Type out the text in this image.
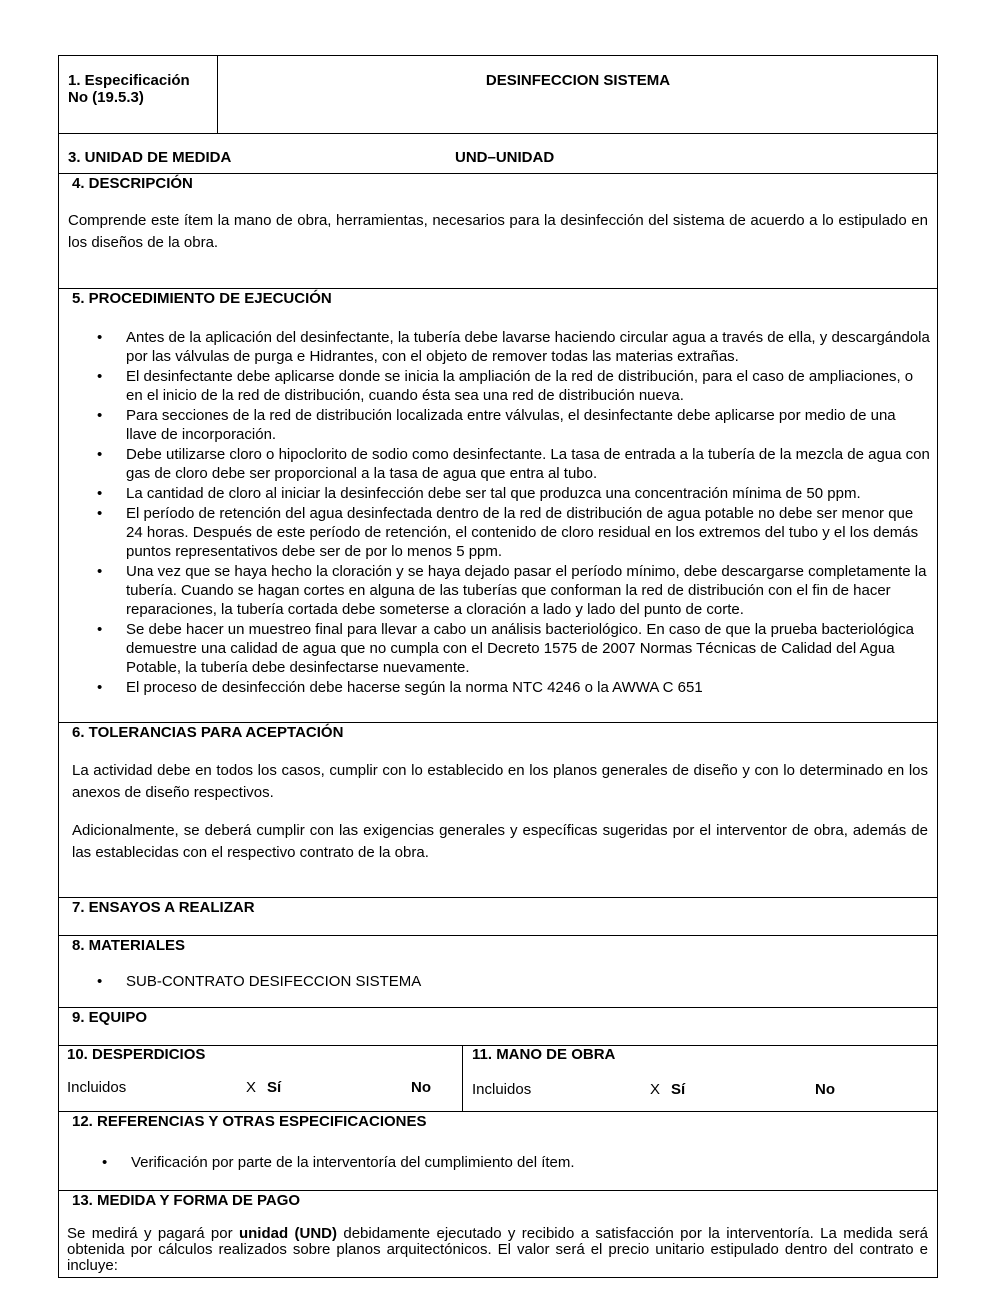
1. Especificación
No (19.5.3)
DESINFECCION SISTEMA
3. UNIDAD DE MEDIDA	UND–UNIDAD
4. DESCRIPCIÓN
Comprende este ítem la mano de obra, herramientas, necesarios para la desinfección del sistema de acuerdo a lo estipulado en los diseños de la obra.
5. PROCEDIMIENTO DE EJECUCIÓN
• Antes de la aplicación del desinfectante, la tubería debe lavarse haciendo circular agua a través de ella, y descargándola por las válvulas de purga e Hidrantes, con el objeto de remover todas las materias extrañas.
• El desinfectante debe aplicarse donde se inicia la ampliación de la red de distribución, para el caso de ampliaciones, o en el inicio de la red de distribución, cuando ésta sea una red de distribución nueva.
• Para secciones de la red de distribución localizada entre válvulas, el desinfectante debe aplicarse por medio de una llave de incorporación.
• Debe utilizarse cloro o hipoclorito de sodio como desinfectante. La tasa de entrada a la tubería de la mezcla de agua con gas de cloro debe ser proporcional a la tasa de agua que entra al tubo.
• La cantidad de cloro al iniciar la desinfección debe ser tal que produzca una concentración mínima de 50 ppm.
• El período de retención del agua desinfectada dentro de la red de distribución de agua potable no debe ser menor que 24 horas. Después de este período de retención, el contenido de cloro residual en los extremos del tubo y el los demás puntos representativos debe ser de por lo menos 5 ppm.
• Una vez que se haya hecho la cloración y se haya dejado pasar el período mínimo, debe descargarse completamente la tubería. Cuando se hagan cortes en alguna de las tuberías que conforman la red de distribución con el fin de hacer reparaciones, la tubería cortada debe someterse a cloración a lado y lado del punto de corte.
• Se debe hacer un muestreo final para llevar a cabo un análisis bacteriológico. En caso de que la prueba bacteriológica demuestre una calidad de agua que no cumpla con el Decreto 1575 de 2007 Normas Técnicas de Calidad del Agua Potable, la tubería debe desinfectarse nuevamente.
• El proceso de desinfección debe hacerse según la norma NTC 4246 o la AWWA C 651
6. TOLERANCIAS PARA ACEPTACIÓN
La actividad debe en todos los casos, cumplir con lo establecido en los planos generales de diseño y con lo determinado en los anexos de diseño respectivos.
Adicionalmente, se deberá cumplir con las exigencias generales y específicas sugeridas por el interventor de obra, además de las establecidas con el respectivo contrato de la obra.
7. ENSAYOS A REALIZAR
8. MATERIALES
• SUB-CONTRATO DESIFECCION SISTEMA
9. EQUIPO
10. DESPERDICIOS
Incluidos	X Sí	No
11. MANO DE OBRA
Incluidos	X Sí	No
12. REFERENCIAS Y OTRAS ESPECIFICACIONES
• Verificación por parte de la interventoría del cumplimiento del ítem.
13. MEDIDA Y FORMA DE PAGO
Se medirá y pagará por unidad (UND) debidamente ejecutado y recibido a satisfacción por la interventoría. La medida será obtenida por cálculos realizados sobre planos arquitectónicos. El valor será el precio unitario estipulado dentro del contrato e incluye:
